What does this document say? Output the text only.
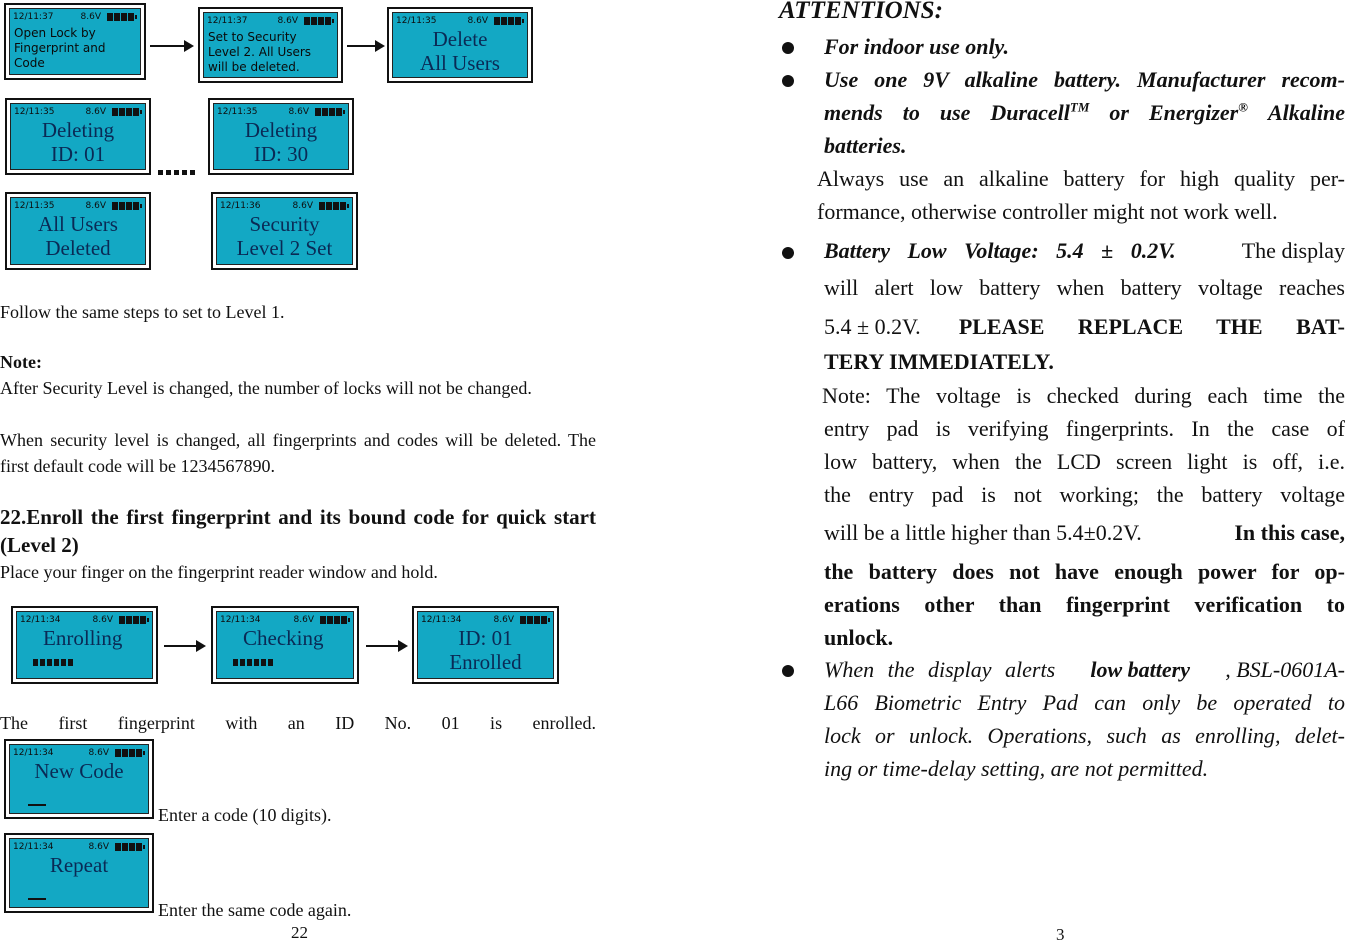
12/11:37	8.6V
Open Lock by
Fingerprint and
Code
12/11:37	8.6V
Set to Security
Level 2. All Users
will be deleted.
12/11:35	8.6V
Delete
All Users
12/11:35	8.6V
Deleting
ID: 01
12/11:35	8.6V
Deleting
ID: 30
12/11:35	8.6V
All Users
Deleted
12/11:36	8.6V
Security
Level 2 Set
Follow the same steps to set to Level 1.
Note:
After Security Level is changed, the number of locks will not be changed.
When security level is changed, all fingerprints and codes will be deleted. The first default code will be 1234567890.
22.Enroll the first fingerprint and its bound code for quick start (Level 2)
Place your finger on the fingerprint reader window and hold.
12/11:34	8.6V
Enrolling
12/11:34	8.6V
Checking
12/11:34	8.6V
ID: 01
Enrolled
The first fingerprint with an ID No. 01 is enrolled.
12/11:34	8.6V
New Code
Enter a code (10 digits).
12/11:34	8.6V
Repeat
Enter the same code again.
22
ATTENTIONS:
For indoor use only.
Use one 9V alkaline battery. Manufacturer recom-
mends to use Duracell™ or Energizer® Alkaline
batteries.
Always use an alkaline battery for high quality per-
formance, otherwise controller might not work well.
Battery Low Voltage: 5.4 ± 0.2V.	The display
will alert low battery when battery voltage reaches
5.4 ± 0.2V. PLEASE REPLACE THE BAT-
TERY IMMEDIATELY.
Note: The voltage is checked during each time the
entry pad is verifying fingerprints. In the case of
low battery, when the LCD screen light is off, i.e.
the entry pad is not working; the battery voltage
will be a little higher than 5.4±0.2V.	In this case,
the battery does not have enough power for op-
erations other than fingerprint verification to
unlock.
When the display alerts low battery , BSL-0601A-
L66 Biometric Entry Pad can only be operated to
lock or unlock. Operations, such as enrolling, delet-
ing or time-delay setting, are not permitted.
3
